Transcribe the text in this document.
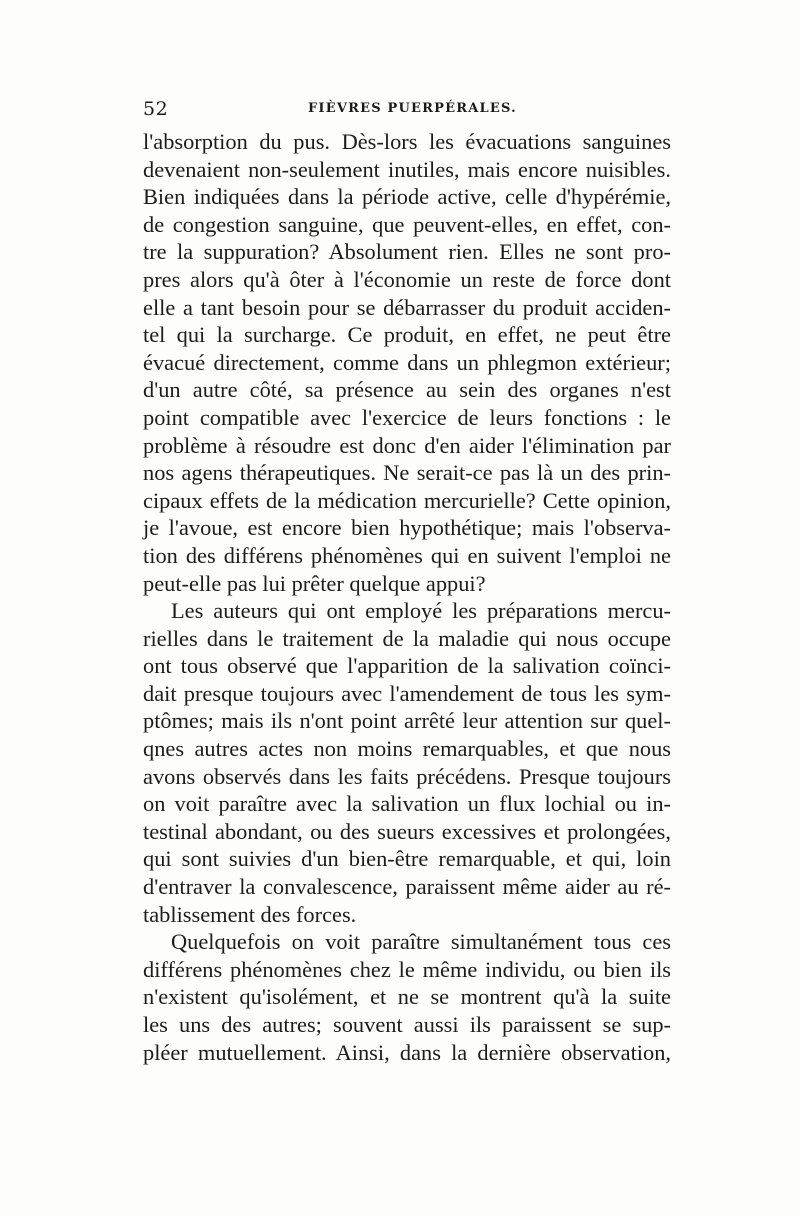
52	FIÈVRES PUERPÉRALES.
l'absorption du pus. Dès-lors les évacuations sanguines
devenaient non-seulement inutiles, mais encore nuisibles.
Bien indiquées dans la période active, celle d'hypérémie,
de congestion sanguine, que peuvent-elles, en effet, con-
tre la suppuration? Absolument rien. Elles ne sont pro-
pres alors qu'à ôter à l'économie un reste de force dont
elle a tant besoin pour se débarrasser du produit acciden-
tel qui la surcharge. Ce produit, en effet, ne peut être
évacué directement, comme dans un phlegmon extérieur;
d'un autre côté, sa présence au sein des organes n'est
point compatible avec l'exercice de leurs fonctions : le
problème à résoudre est donc d'en aider l'élimination par
nos agens thérapeutiques. Ne serait-ce pas là un des prin-
cipaux effets de la médication mercurielle? Cette opinion,
je l'avoue, est encore bien hypothétique; mais l'observa-
tion des différens phénomènes qui en suivent l'emploi ne
peut-elle pas lui prêter quelque appui?
Les auteurs qui ont employé les préparations mercu-
rielles dans le traitement de la maladie qui nous occupe
ont tous observé que l'apparition de la salivation coïnci-
dait presque toujours avec l'amendement de tous les sym-
ptômes; mais ils n'ont point arrêté leur attention sur quel-
qnes autres actes non moins remarquables, et que nous
avons observés dans les faits précédens. Presque toujours
on voit paraître avec la salivation un flux lochial ou in-
testinal abondant, ou des sueurs excessives et prolongées,
qui sont suivies d'un bien-être remarquable, et qui, loin
d'entraver la convalescence, paraissent même aider au ré-
tablissement des forces.
Quelquefois on voit paraître simultanément tous ces
différens phénomènes chez le même individu, ou bien ils
n'existent qu'isolément, et ne se montrent qu'à la suite
les uns des autres; souvent aussi ils paraissent se sup-
pléer mutuellement. Ainsi, dans la dernière observation,
